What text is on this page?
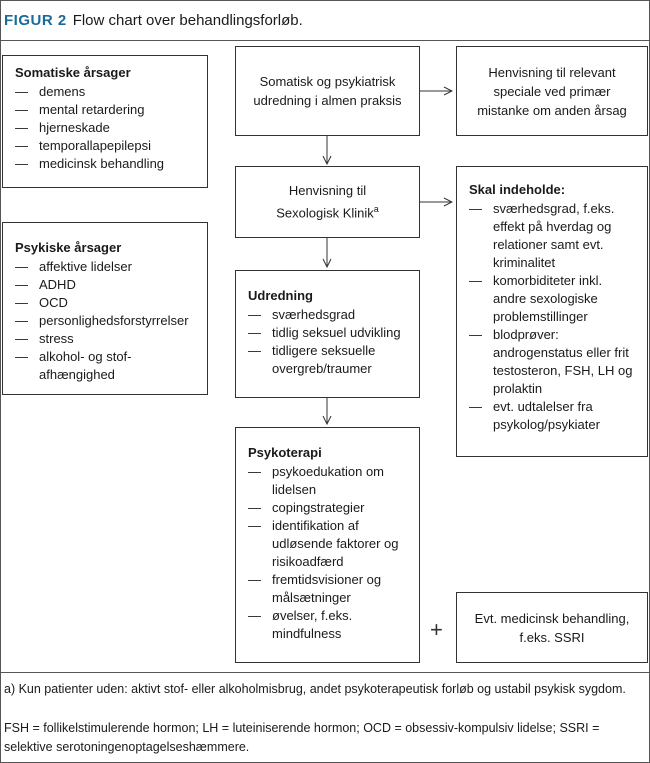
FIGUR 2 Flow chart over behandlingsforløb.
Somatiske årsager
— demens
— mental retardering
— hjerneskade
— temporallapepilepsi
— medicinsk behandling
Psykiske årsager
— affektive lidelser
— ADHD
— OCD
— personlighedsforstyrrelser
— stress
— alkohol- og stof-afhængighed
Somatisk og psykiatrisk udredning i almen praksis
Henvisning til relevant speciale ved primær mistanke om anden årsag
Henvisning til Sexologisk Klinik$^a$
Skal indeholde:
— sværhedsgrad, f.eks. effekt på hverdag og relationer samt evt. kriminalitet
— komorbiditeter inkl. andre sexologiske problemstillinger
— blodprøver: androgenstatus eller frit testosteron, FSH, LH og prolaktin
— evt. udtalelser fra psykolog/psykiater
Udredning
— sværhedsgrad
— tidlig seksuel udvikling
— tidligere seksuelle overgreb/traumer
Psykoterapi
— psykoedukation om lidelsen
— copingstrategier
— identifikation af udløsende faktorer og risikoadfærd
— fremtidsvisioner og målsætninger
— øvelser, f.eks. mindfulness	+ Evt. medicinsk behandling, f.eks. SSRI
a) Kun patienter uden: aktivt stof- eller alkoholmisbrug, andet psykoterapeutisk forløb og ustabil psykisk sygdom.
FSH = follikelstimulerende hormon; LH = luteiniserende hormon; OCD = obsessiv-kompulsiv lidelse; SSRI = selektive serotoningenoptagelseshæmmere.
